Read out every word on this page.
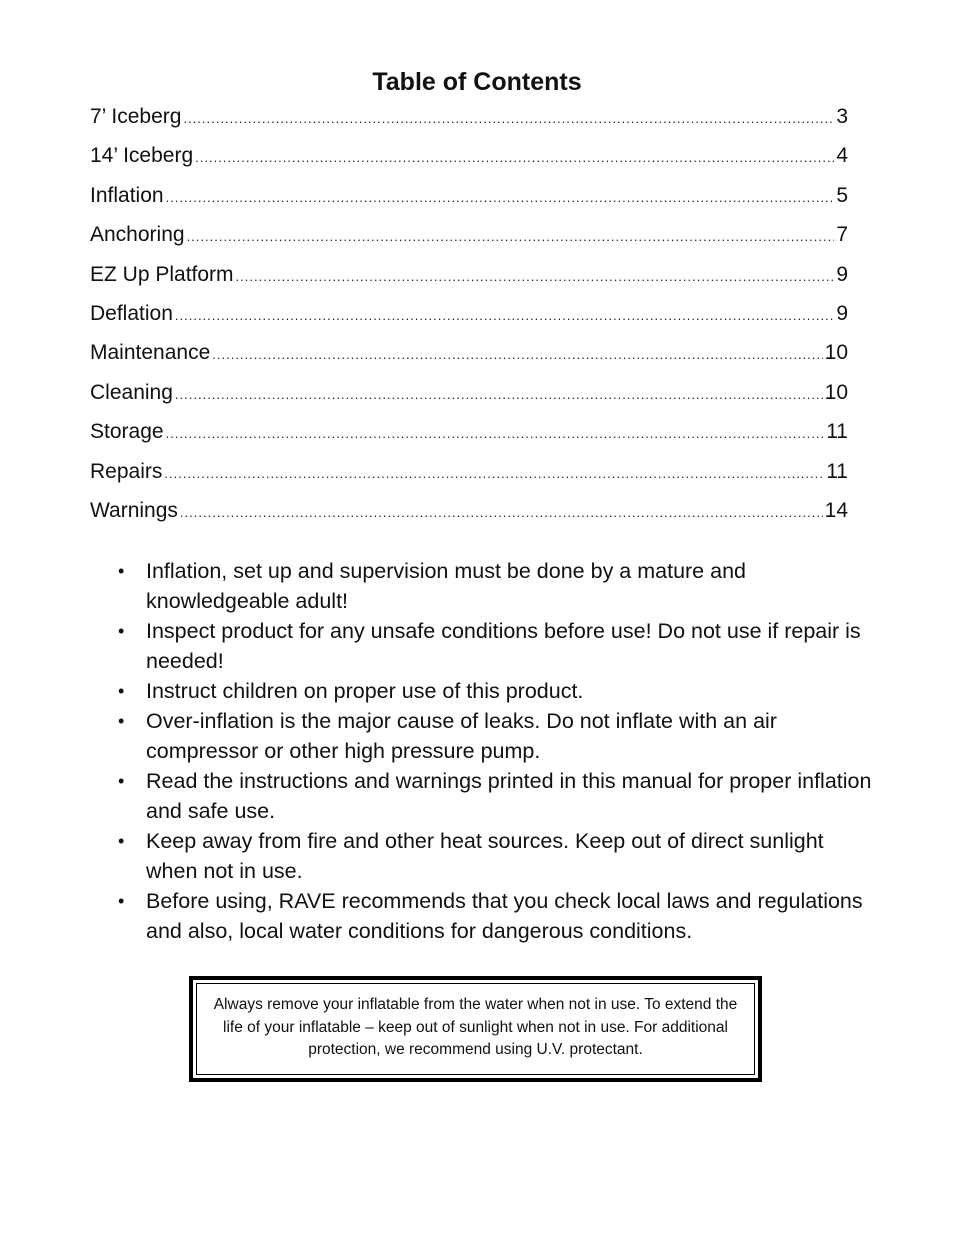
Table of Contents
7’ Iceberg .....	3
14’ Iceberg .....	4
Inflation .....	5
Anchoring .....	7
EZ Up Platform .....	9
Deflation .....	9
Maintenance .....	10
Cleaning .....	10
Storage .....	11
Repairs .....	11
Warnings .....	14
• Inflation, set up and supervision must be done by a mature and knowledgeable adult!
• Inspect product for any unsafe conditions before use! Do not use if repair is needed!
• Instruct children on proper use of this product.
• Over-inflation is the major cause of leaks. Do not inflate with an air compressor or other high pressure pump.
• Read the instructions and warnings printed in this manual for proper inflation and safe use.
• Keep away from fire and other heat sources. Keep out of direct sunlight when not in use.
• Before using, RAVE recommends that you check local laws and regulations and also, local water conditions for dangerous conditions.

Always remove your inflatable from the water when not in use. To extend the life of your inflatable – keep out of sunlight when not in use. For additional protection, we recommend using U.V. protectant.
